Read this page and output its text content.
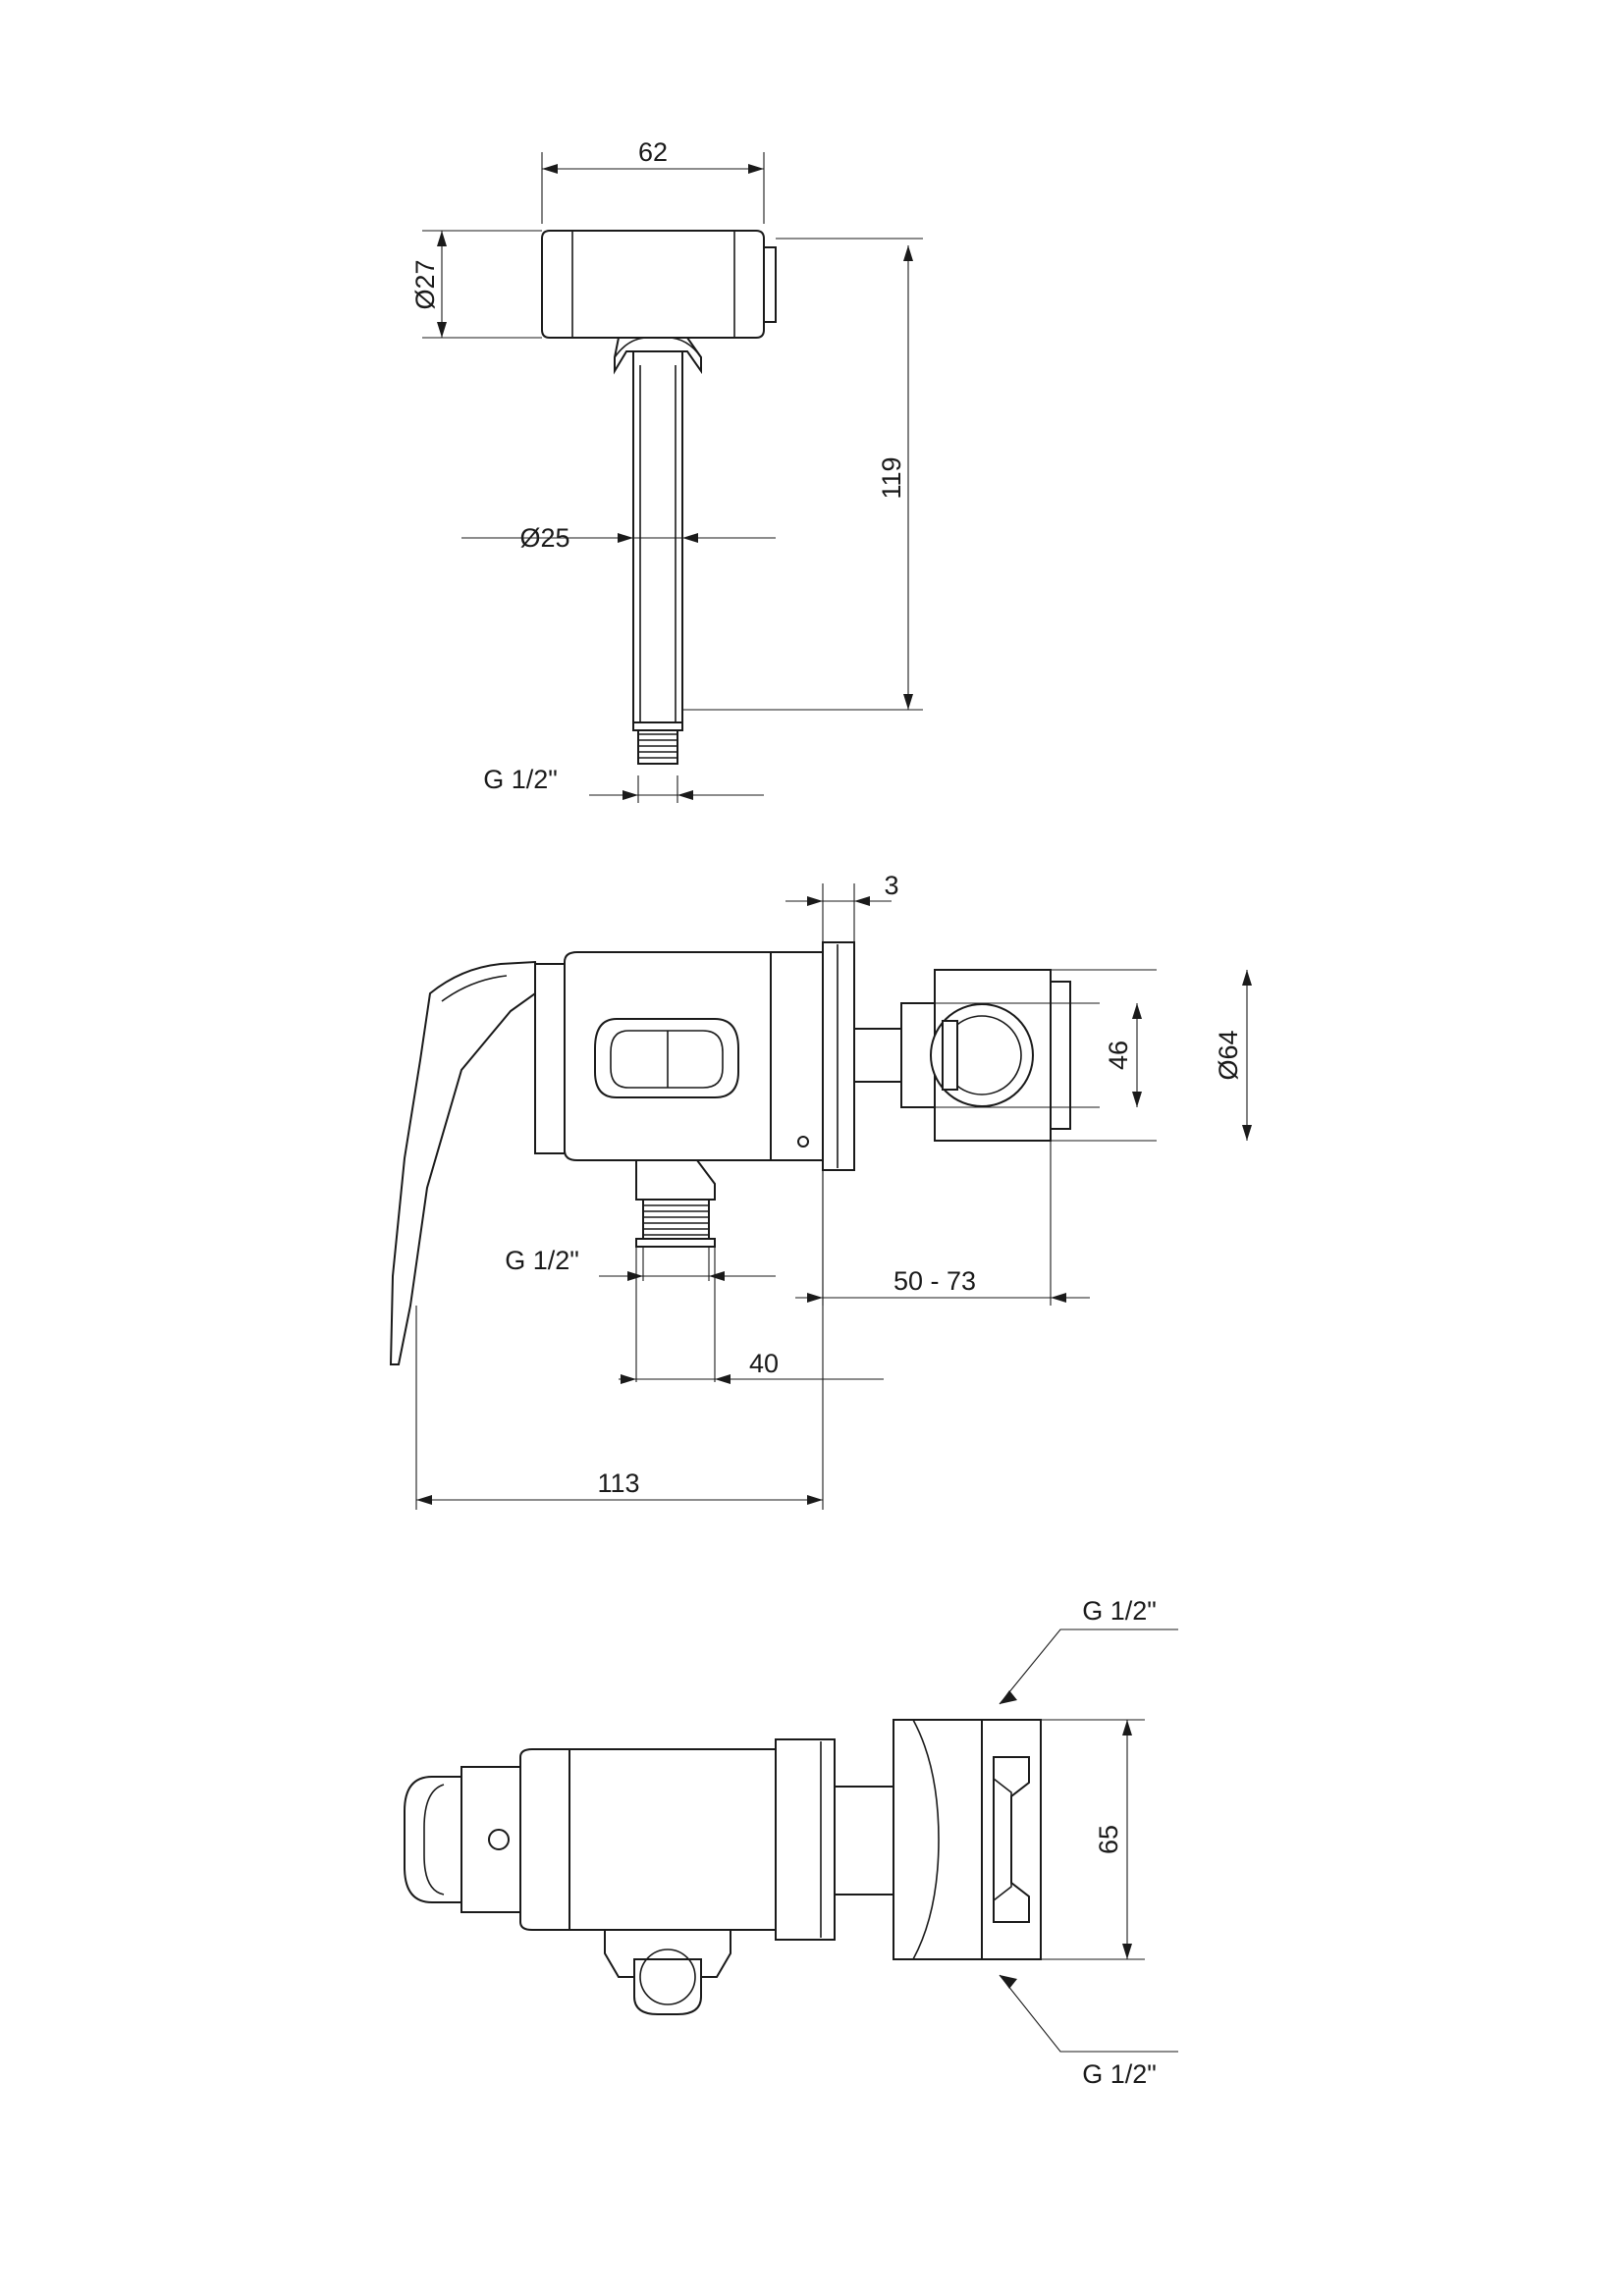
62
Ø27
Ø25
119
G 1/2"
3
46	Ø64
G 1/2"
50 - 73
40
113
G 1/2"
65
G 1/2"
